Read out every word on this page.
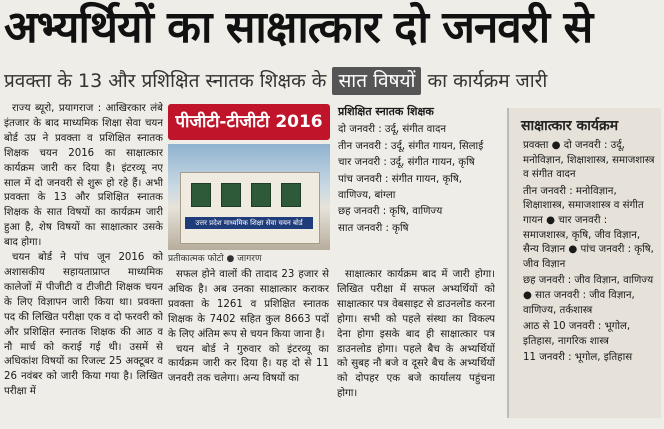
अभ्यर्थियों का साक्षात्कार दो जनवरी से
प्रवक्ता के 13 और प्रशिक्षित स्नातक शिक्षक के सात विषयों का कार्यक्रम जारी

राज्य ब्यूरो, प्रयागराज : आखिरकार लंबे इंतजार के बाद माध्यमिक शिक्षा सेवा चयन बोर्ड उप्र ने प्रवक्ता व प्रशिक्षित स्नातक शिक्षक चयन 2016 का साक्षात्कार कार्यक्रम जारी कर दिया है। इंटरव्यू नए साल में दो जनवरी से शुरू हो रहे हैं। अभी प्रवक्ता के 13 और प्रशिक्षित स्नातक शिक्षक के सात विषयों का कार्यक्रम जारी हुआ है, शेष विषयों का साक्षात्कार उसके बाद होगा।

चयन बोर्ड ने पांच जून 2016 को अशासकीय सहायताप्राप्त माध्यमिक कालेजों में पीजीटी व टीजीटी शिक्षक चयन के लिए विज्ञापन जारी किया था। प्रवक्ता पद की लिखित परीक्षा एक व दो फरवरी को और प्रशिक्षित स्नातक शिक्षक की आठ व नौ मार्च को कराई गई थी। उसमें से अधिकांश विषयों का रिजल्ट 25 अक्टूबर व 26 नवंबर को जारी किया गया है। लिखित परीक्षा में

पीजीटी-टीजीटी 2016
उत्तर प्रदेश माध्यमिक शिक्षा सेवा चयन बोर्ड
प्रतीकात्मक फोटो ● जागरण
प्रशिक्षित स्नातक शिक्षक
दो जनवरी : उर्दू, संगीत वादन
तीन जनवरी : उर्दू, संगीत गायन, सिलाई
चार जनवरी : उर्दू, संगीत गायन, कृषि
पांच जनवरी : संगीत गायन, कृषि,
वाणिज्य, बांग्ला
छह जनवरी : कृषि, वाणिज्य
सात जनवरी : कृषि

सफल होने वालों की तादाद 23 हजार से अधिक है। अब उनका साक्षात्कार कराकर प्रवक्ता के 1261 व प्रशिक्षित स्नातक शिक्षक के 7402 सहित कुल 8663 पदों के लिए अंतिम रूप से चयन किया जाना है।

चयन बोर्ड ने गुरुवार को इंटरव्यू का कार्यक्रम जारी कर दिया है। यह दो से 11 जनवरी तक चलेगा। अन्य विषयों का

साक्षात्कार कार्यक्रम बाद में जारी होगा। लिखित परीक्षा में सफल अभ्यर्थियों को साक्षात्कार पत्र वेबसाइट से डाउनलोड करना होगा। सभी को पहले संस्था का विकल्प देना होगा इसके बाद ही साक्षात्कार पत्र डाउनलोड होगा। पहले बैच के अभ्यर्थियों को सुबह नौ बजे व दूसरे बैच के अभ्यर्थियों को दोपहर एक बजे कार्यालय पहुंचना होगा।

साक्षात्कार कार्यक्रम
प्रवक्ता ● दो जनवरी : उर्दू, मनोविज्ञान, शिक्षाशास्त्र, समाजशास्त्र व संगीत वादन
तीन जनवरी : मनोविज्ञान, शिक्षाशास्त्र, समाजशास्त्र व संगीत गायन ● चार जनवरी : समाजशास्त्र, कृषि, जीव विज्ञान, सैन्य विज्ञान ● पांच जनवरी : कृषि, जीव विज्ञान
छह जनवरी : जीव विज्ञान, वाणिज्य ● सात जनवरी : जीव विज्ञान, वाणिज्य, तर्कशास्त्र
आठ से 10 जनवरी : भूगोल, इतिहास, नागरिक शास्त्र
11 जनवरी : भूगोल, इतिहास
